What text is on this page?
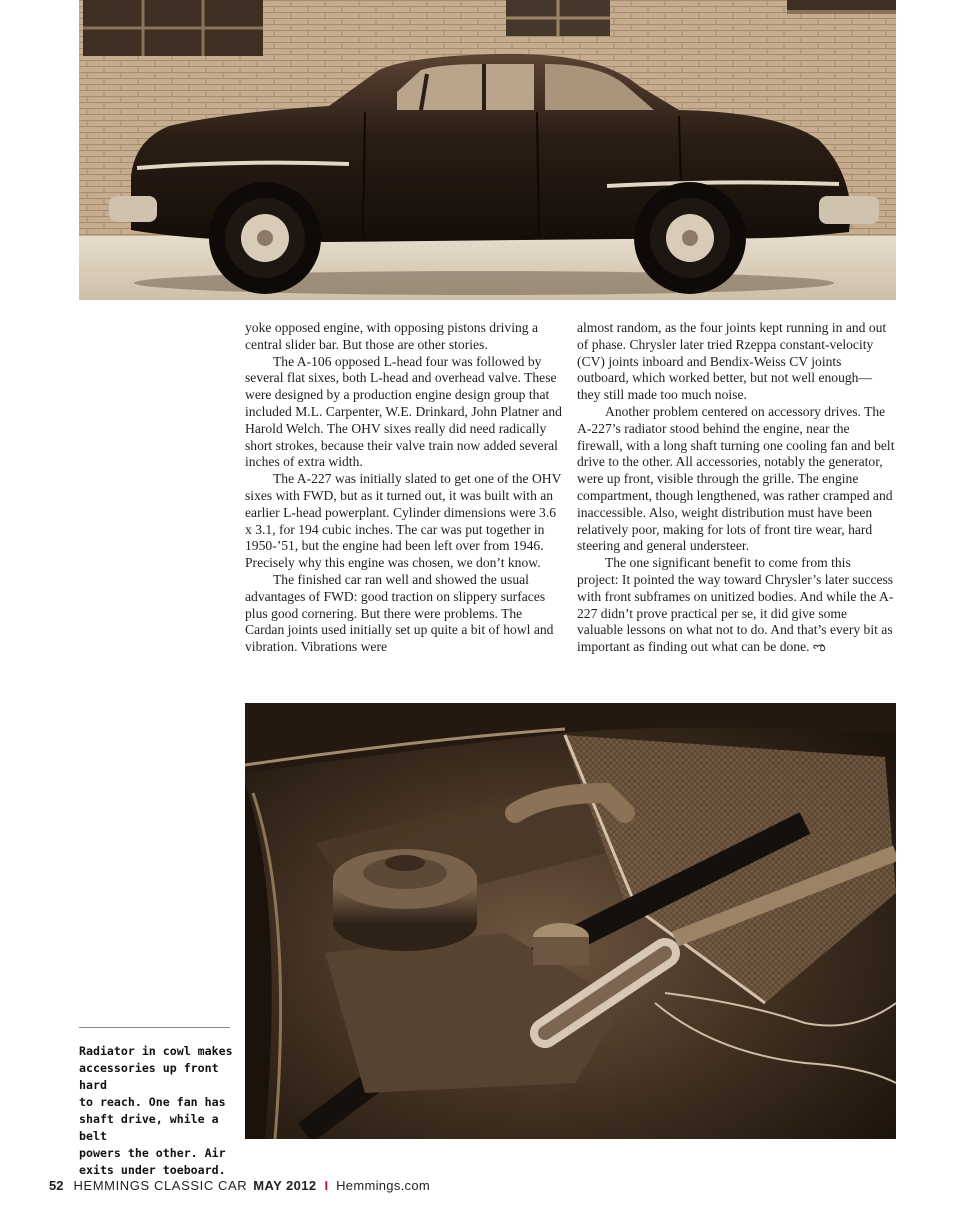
yoke opposed engine, with opposing pistons driving a central slider bar. But those are other stories.

The A-106 opposed L-head four was followed by several flat sixes, both L-head and overhead valve. These were designed by a production engine design group that included M.L. Carpenter, W.E. Drinkard, John Platner and Harold Welch. The OHV sixes really did need radically short strokes, because their valve train now added several inches of extra width.

The A-227 was initially slated to get one of the OHV sixes with FWD, but as it turned out, it was built with an earlier L-head powerplant. Cylinder dimensions were 3.6 x 3.1, for 194 cubic inches. The car was put together in 1950-’51, but the engine had been left over from 1946. Precisely why this engine was chosen, we don’t know.

The finished car ran well and showed the usual advantages of FWD: good traction on slippery surfaces plus good cornering. But there were problems. The Cardan joints used initially set up quite a bit of howl and vibration. Vibrations were

almost random, as the four joints kept running in and out of phase. Chrysler later tried Rzeppa constant-velocity (CV) joints inboard and Bendix-Weiss CV joints outboard, which worked better, but not well enough—they still made too much noise.

Another problem centered on accessory drives. The A-227’s radiator stood behind the engine, near the firewall, with a long shaft turning one cooling fan and belt drive to the other. All accessories, notably the generator, were up front, visible through the grille. The engine compartment, though lengthened, was rather cramped and inaccessible. Also, weight distribution must have been relatively poor, making for lots of front tire wear, hard steering and general understeer.

The one significant benefit to come from this project: It pointed the way toward Chrysler’s later success with front subframes on unitized bodies. And while the A-227 didn’t prove practical per se, it did give some valuable lessons on what not to do. And that’s every bit as important as finding out what can be done. ಌ

Radiator in cowl makes
accessories up front hard
to reach. One fan has
shaft drive, while a belt
powers the other. Air
exits under toeboard.
52 HEMMINGS CLASSIC CAR MAY 2012 I Hemmings.com
